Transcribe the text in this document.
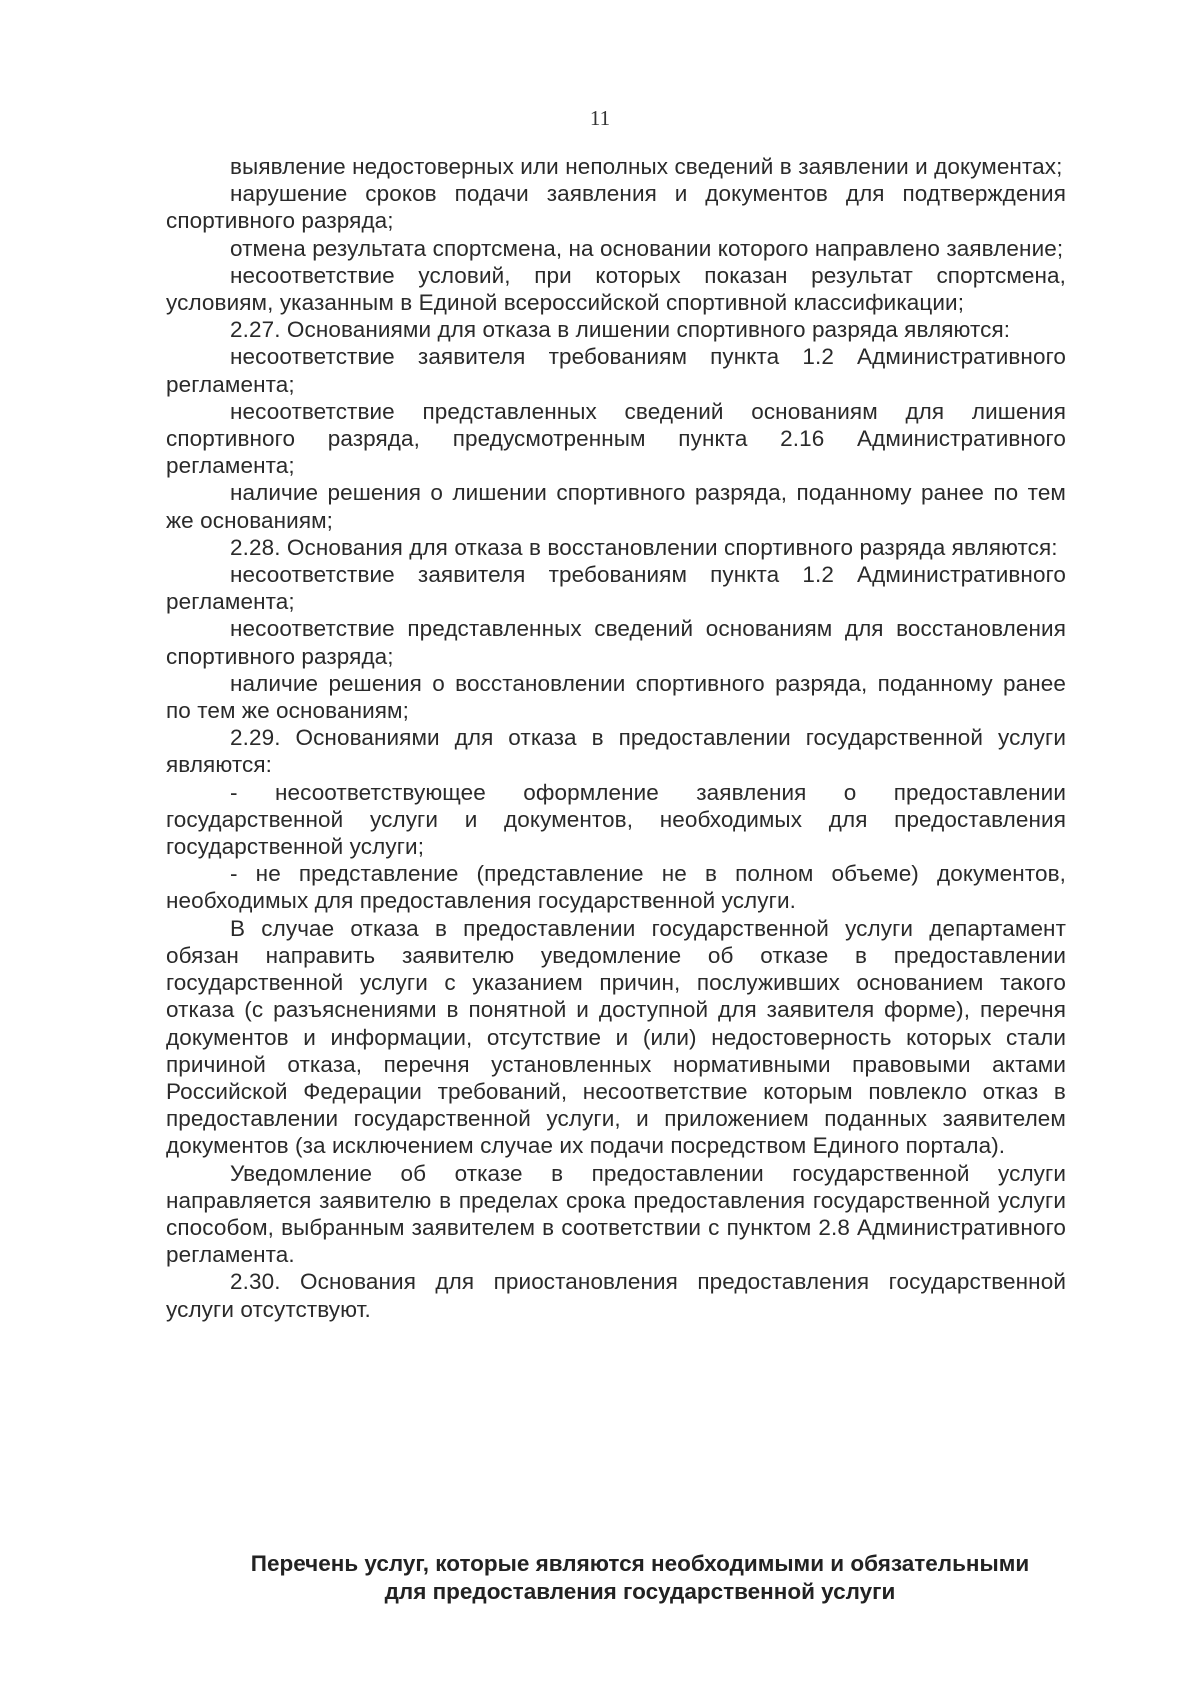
11

выявление недостоверных или неполных сведений в заявлении и документах;

нарушение сроков подачи заявления и документов для подтверждения спортивного разряда;

отмена результата спортсмена, на основании которого направлено заявление;

несоответствие условий, при которых показан результат спортсмена, условиям, указанным в Единой всероссийской спортивной классификации;

2.27. Основаниями для отказа в лишении спортивного разряда являются:

несоответствие заявителя требованиям пункта 1.2 Административного регламента;

несоответствие представленных сведений основаниям для лишения спортивного разряда, предусмотренным пункта 2.16 Административного регламента;

наличие решения о лишении спортивного разряда, поданному ранее по тем же основаниям;

2.28. Основания для отказа в восстановлении спортивного разряда являются:

несоответствие заявителя требованиям пункта 1.2 Административного регламента;

несоответствие представленных сведений основаниям для восстановления спортивного разряда;

наличие решения о восстановлении спортивного разряда, поданному ранее по тем же основаниям;

2.29. Основаниями для отказа в предоставлении государственной услуги являются:

- несоответствующее оформление заявления о предоставлении государственной услуги и документов, необходимых для предоставления государственной услуги;

- не представление (представление не в полном объеме) документов, необходимых для предоставления государственной услуги.

В случае отказа в предоставлении государственной услуги департамент обязан направить заявителю уведомление об отказе в предоставлении государственной услуги с указанием причин, послуживших основанием такого отказа (с разъяснениями в понятной и доступной для заявителя форме), перечня документов и информации, отсутствие и (или) недостоверность которых стали причиной отказа, перечня установленных нормативными правовыми актами Российской Федерации требований, несоответствие которым повлекло отказ в предоставлении государственной услуги, и приложением поданных заявителем документов (за исключением случае их подачи посредством Единого портала).

Уведомление об отказе в предоставлении государственной услуги направляется заявителю в пределах срока предоставления государственной услуги способом, выбранным заявителем в соответствии с пунктом 2.8 Административного регламента.

2.30. Основания для приостановления предоставления государственной услуги отсутствуют.

Перечень услуг, которые являются необходимыми и обязательными
для предоставления государственной услуги
